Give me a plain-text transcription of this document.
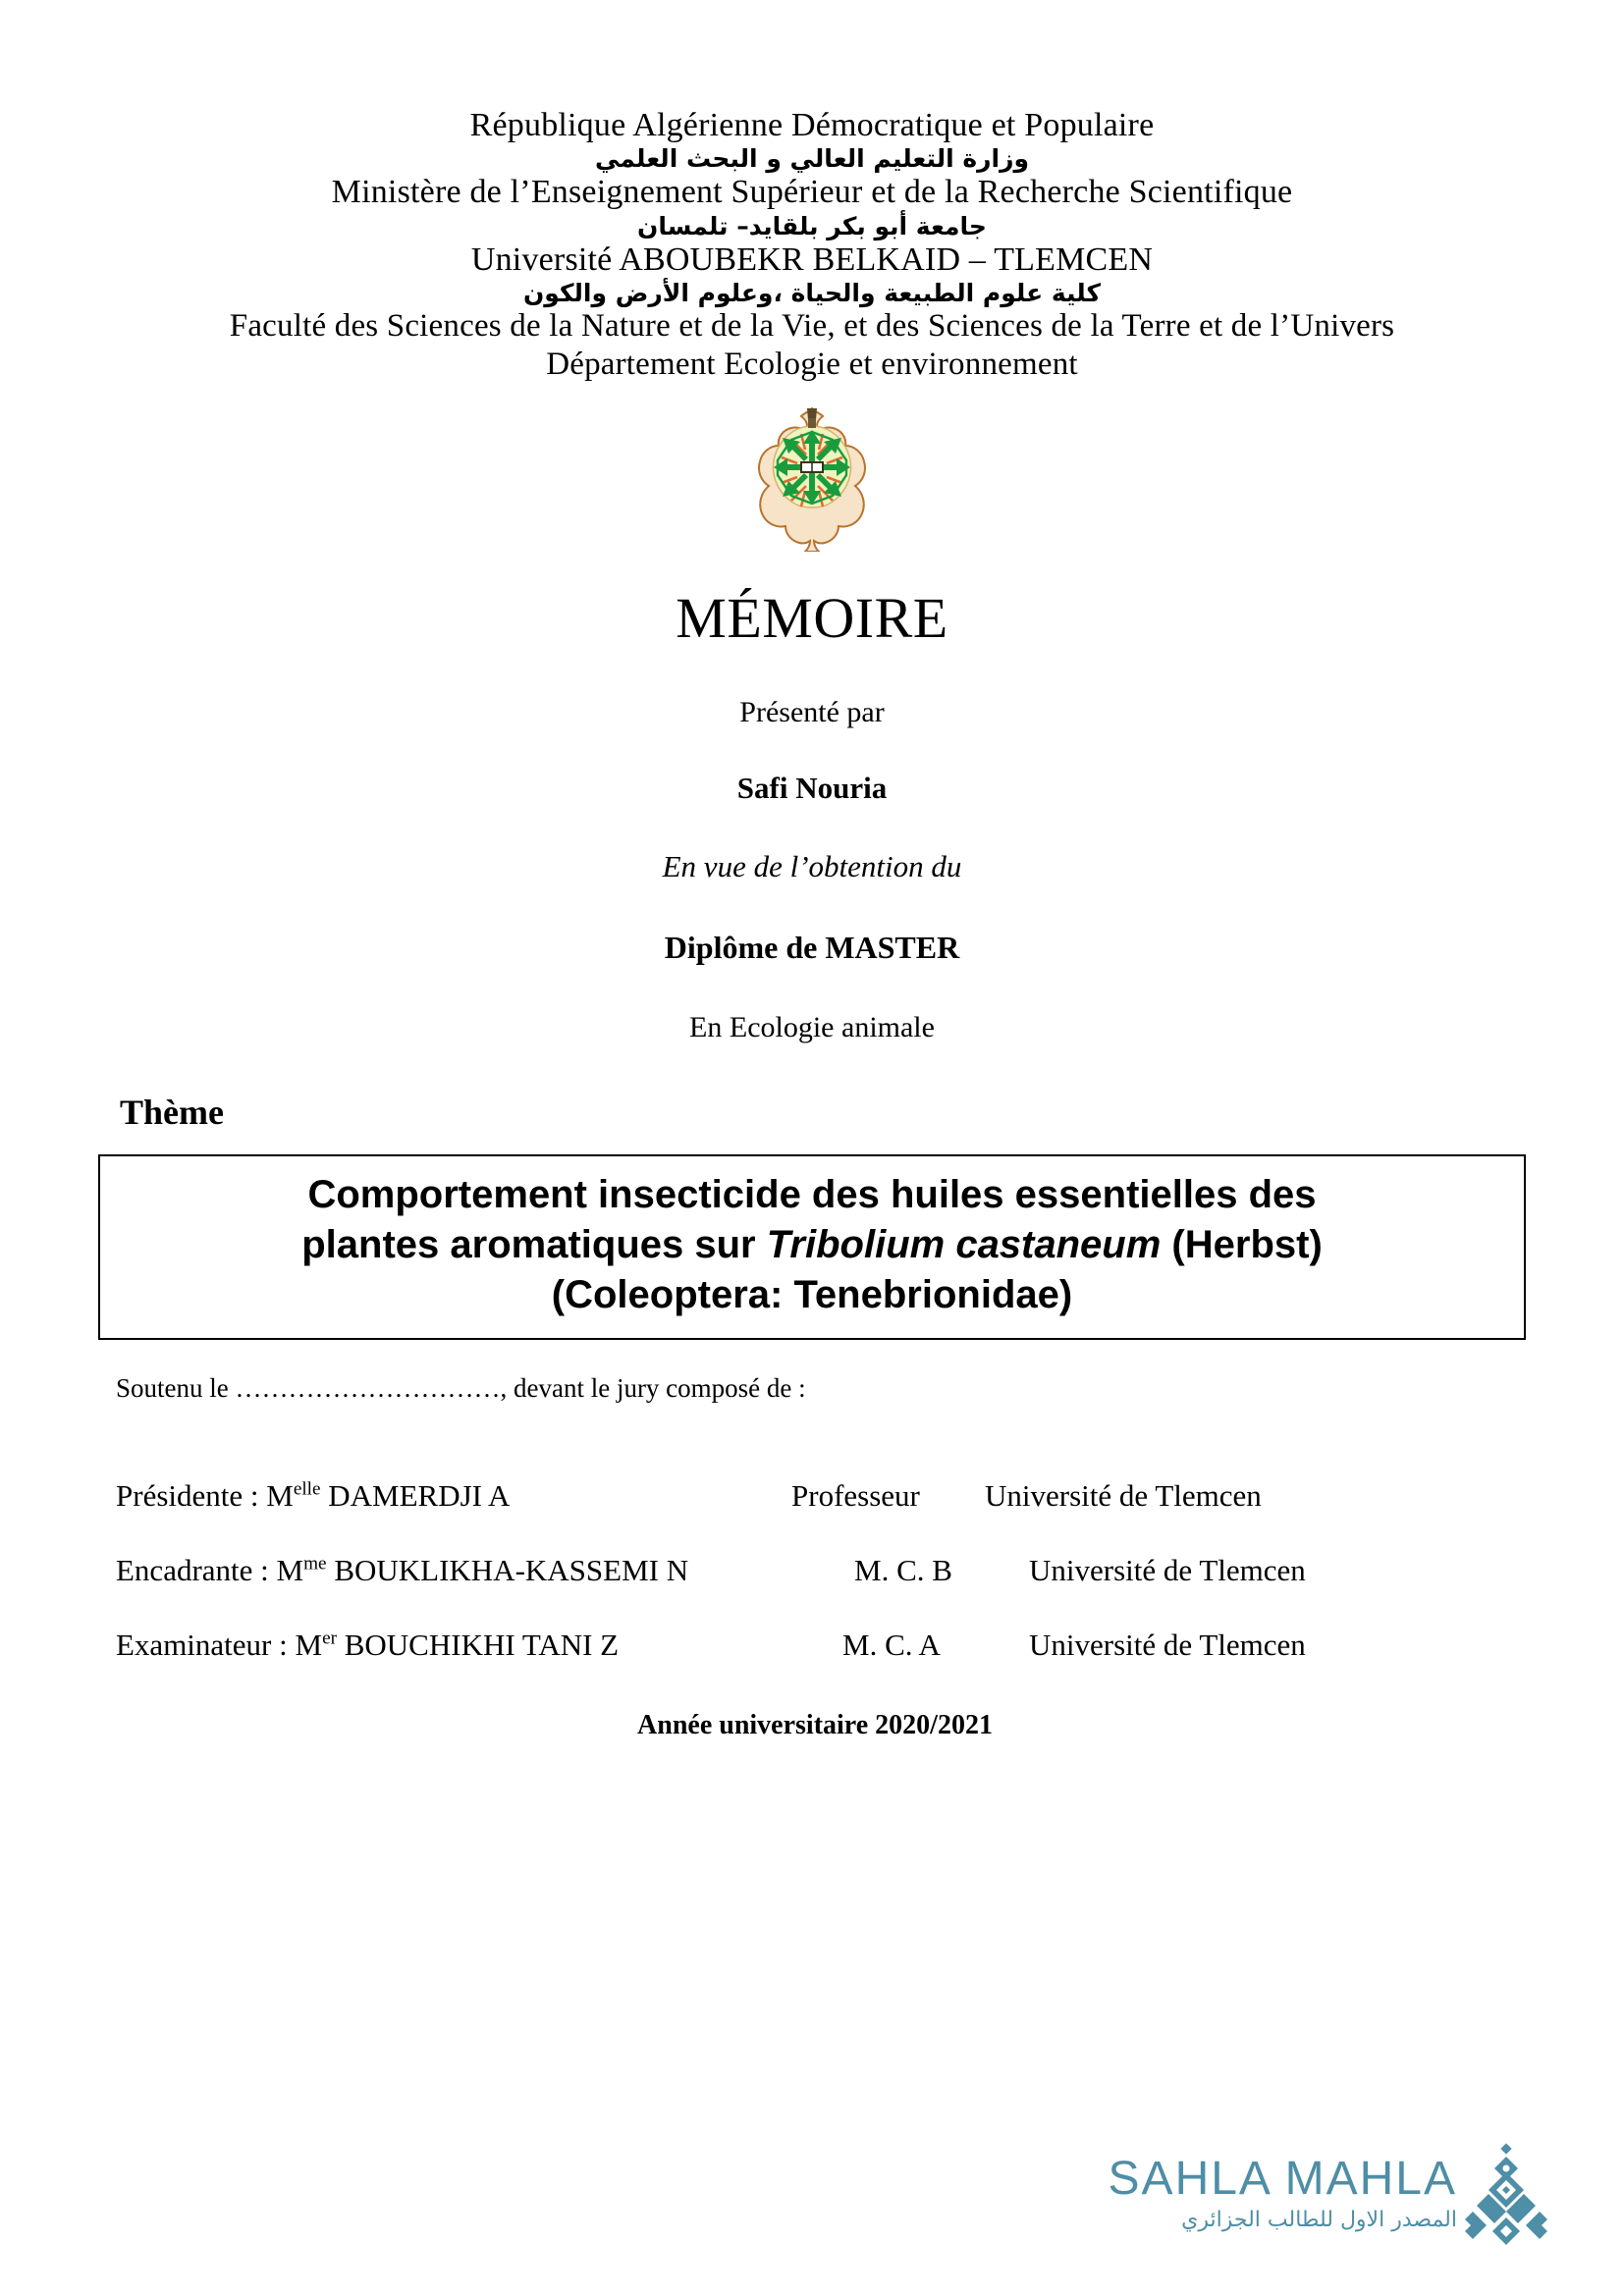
République Algérienne Démocratique et Populaire
وزارة التعليم العالي و البحث العلمي
Ministère de l’Enseignement Supérieur et de la Recherche Scientifique
جامعة أبو بكر بلقايد– تلمسان
Université ABOUBEKR BELKAID – TLEMCEN
كلية علوم الطبيعة والحياة ،وعلوم الأرض والكون
Faculté des Sciences de la Nature et de la Vie, et des Sciences de la Terre et de l’Univers
Département Ecologie et environnement
MÉMOIRE
Présenté par
Safi Nouria
En vue de l’obtention du
Diplôme de MASTER
En Ecologie animale
Thème
Comportement insecticide des huiles essentielles des
plantes aromatiques sur Tribolium castaneum (Herbst)
(Coleoptera: Tenebrionidae)
Soutenu le …………………………, devant le jury composé de :
Présidente : $M^{elle}$ DAMERDJI A	Professeur Université de Tlemcen
Encadrante : $M^{me}$ BOUKLIKHA-KASSEMI N	M. C. B	Université de Tlemcen
Examinateur : Mer BOUCHIKHI TANI Z	M. C. A	Université de Tlemcen
Année universitaire 2020/2021
SAHLA MAHLA
المصدر الاول للطالب الجزائري
